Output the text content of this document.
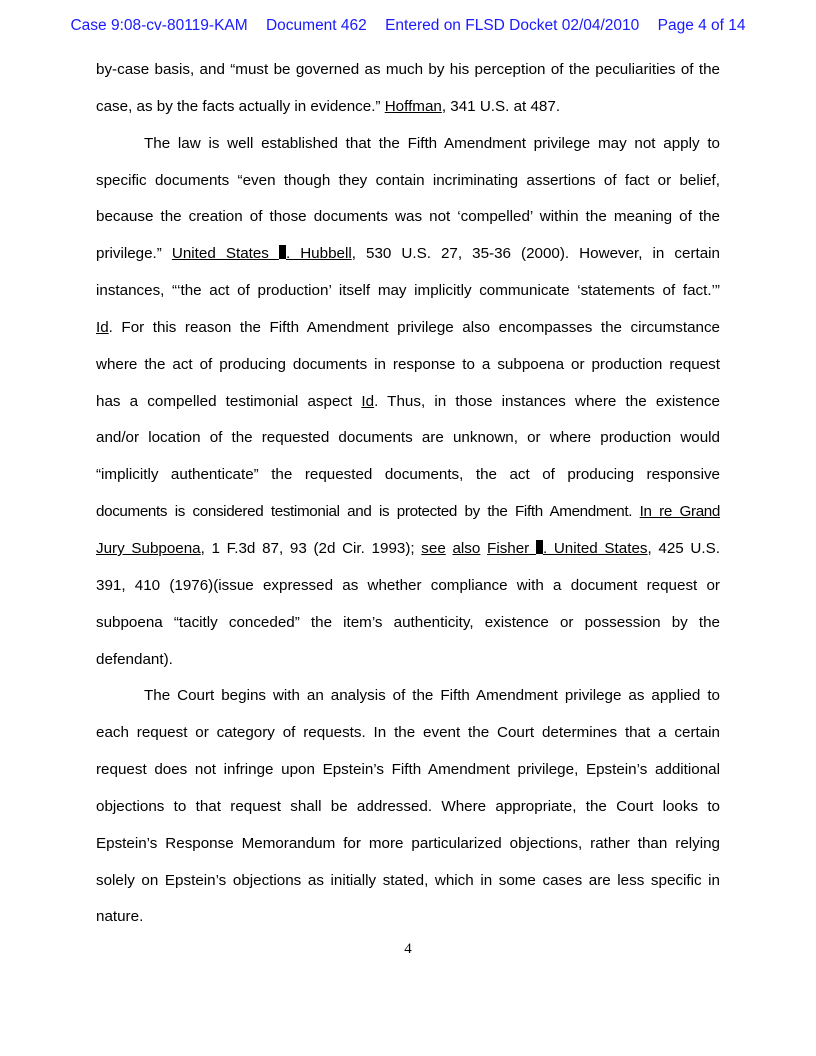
Case 9:08-cv-80119-KAM Document 462 Entered on FLSD Docket 02/04/2010 Page 4 of 14
by-case basis, and “must be governed as much by his perception of the peculiarities of the
case, as by the facts actually in evidence.” Hoffman, 341 U.S. at 487.
The law is well established that the Fifth Amendment privilege may not apply to
specific documents “even though they contain incriminating assertions of fact or belief,
because the creation of those documents was not ‘compelled’ within the meaning of the
privilege.” United States . Hubbell, 530 U.S. 27, 35-36 (2000). However, in certain
instances, “‘the act of production’ itself may implicitly communicate ‘statements of fact.’”
Id. For this reason the Fifth Amendment privilege also encompasses the circumstance
where the act of producing documents in response to a subpoena or production request
has a compelled testimonial aspect Id. Thus, in those instances where the existence
and/or location of the requested documents are unknown, or where production would
“implicitly authenticate” the requested documents, the act of producing responsive
documents is considered testimonial and is protected by the Fifth Amendment. In re Grand
Jury Subpoena, 1 F.3d 87, 93 (2d Cir. 1993); see also Fisher . United States, 425 U.S.
391, 410 (1976)(issue expressed as whether compliance with a document request or
subpoena “tacitly conceded” the item’s authenticity, existence or possession by the
defendant).
The Court begins with an analysis of the Fifth Amendment privilege as applied to
each request or category of requests. In the event the Court determines that a certain
request does not infringe upon Epstein’s Fifth Amendment privilege, Epstein’s additional
objections to that request shall be addressed. Where appropriate, the Court looks to
Epstein’s Response Memorandum for more particularized objections, rather than relying
solely on Epstein’s objections as initially stated, which in some cases are less specific in
nature.
4
